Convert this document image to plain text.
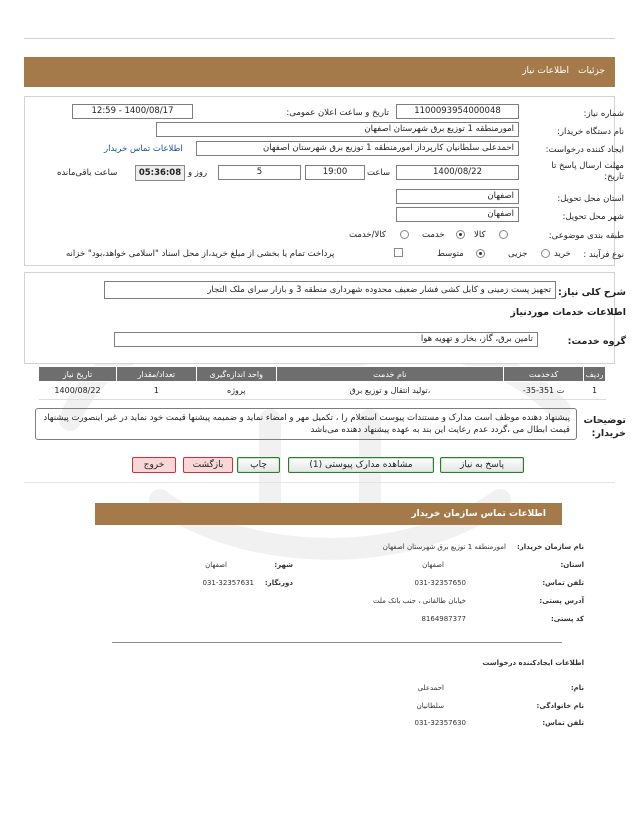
جزئیات
اطلاعات نیاز
شماره نیاز:
1100093954000048
تاریخ و ساعت اعلان عمومی:
1400/08/17 - 12:59
نام دستگاه خریدار:
امورمنطقه 1 توزیع برق شهرستان اصفهان
ایجاد کننده درخواست:
احمدعلی سلطانیان کارپرداز امورمنطقه 1 توزیع برق شهرستان اصفهان
اطلاعات تماس خریدار
مهلت ارسال پاسخ تا تاریخ:
1400/08/22
ساعت
19:00
5
روز و
05:36:08
ساعت باقی‌مانده
استان محل تحویل:
اصفهان
شهر محل تحویل:
اصفهان
طبقه بندی موضوعی:
کالا
خدمت
کالا/خدمت
نوع فرآیند :
خرید
جزیی
متوسط
پرداخت تمام یا بخشی از مبلغ خرید،از محل اسناد "اسلامی خواهد،بود" خزانه
شرح کلی نیاز:
تجهیز پست زمینی و کابل کشی فشار ضعیف محدوده شهرداری منطقه 3 و بازار سرای ملک التجار
اطلاعات خدمات موردنیاز
گروه خدمت:
تامین برق، گاز، بخار و تهویه هوا
ردیف	کدخدمت	نام خدمت	واحد اندازه‌گیری	تعداد/مقدار	تاریخ نیاز
1	ت 351-35-	،تولید انتقال و توزیع برق	پروژه	1	1400/08/22
توضیحات خریدار:
پیشنهاد دهنده موظف است مدارک و مستندات پیوست استعلام را ، تکمیل مهر و امضاء نماید و ضمیمه پیشنها قیمت خود نماید در غیر اینصورت پیشنهاد قیمت ابطال می ،گردد عدم رعایت این بند به عهده پیشنهاد دهنده می‌باشد
پاسخ به نیاز
مشاهده مدارک پیوستی (1)
چاپ
بازگشت
خروج
اطلاعات تماس سازمان خریدار
نام سازمان خریدار:
امورمنطقه 1 توزیع برق شهرستان اصفهان
استان:
اصفهان
شهر:
اصفهان
تلفن تماس:
031-32357650
دورنگار:
031-32357631
آدرس پستی:
خیابان طالقانی ، جنب بانک ملت
کد پستی:
8164987377
اطلاعات ایجادکننده درخواست
نام:
احمدعلی
نام خانوادگی:
سلطانیان
تلفن تماس:
031-32357630
